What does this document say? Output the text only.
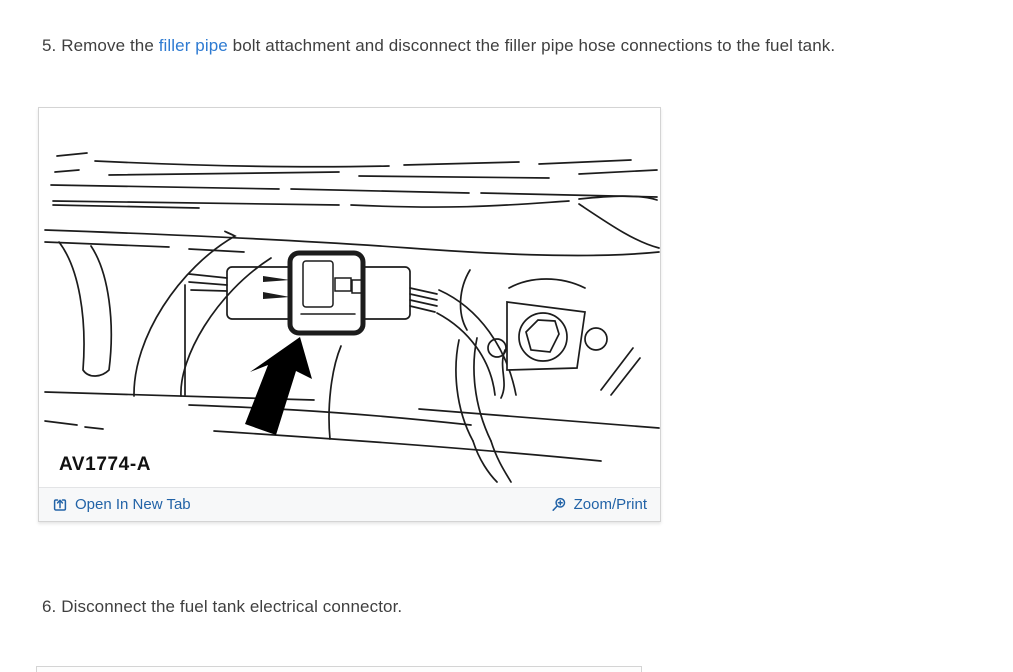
5. Remove the filler pipe bolt attachment and disconnect the filler pipe hose connections to the fuel tank.
AV1774-A
Open In New Tab	Zoom/Print
6. Disconnect the fuel tank electrical connector.
